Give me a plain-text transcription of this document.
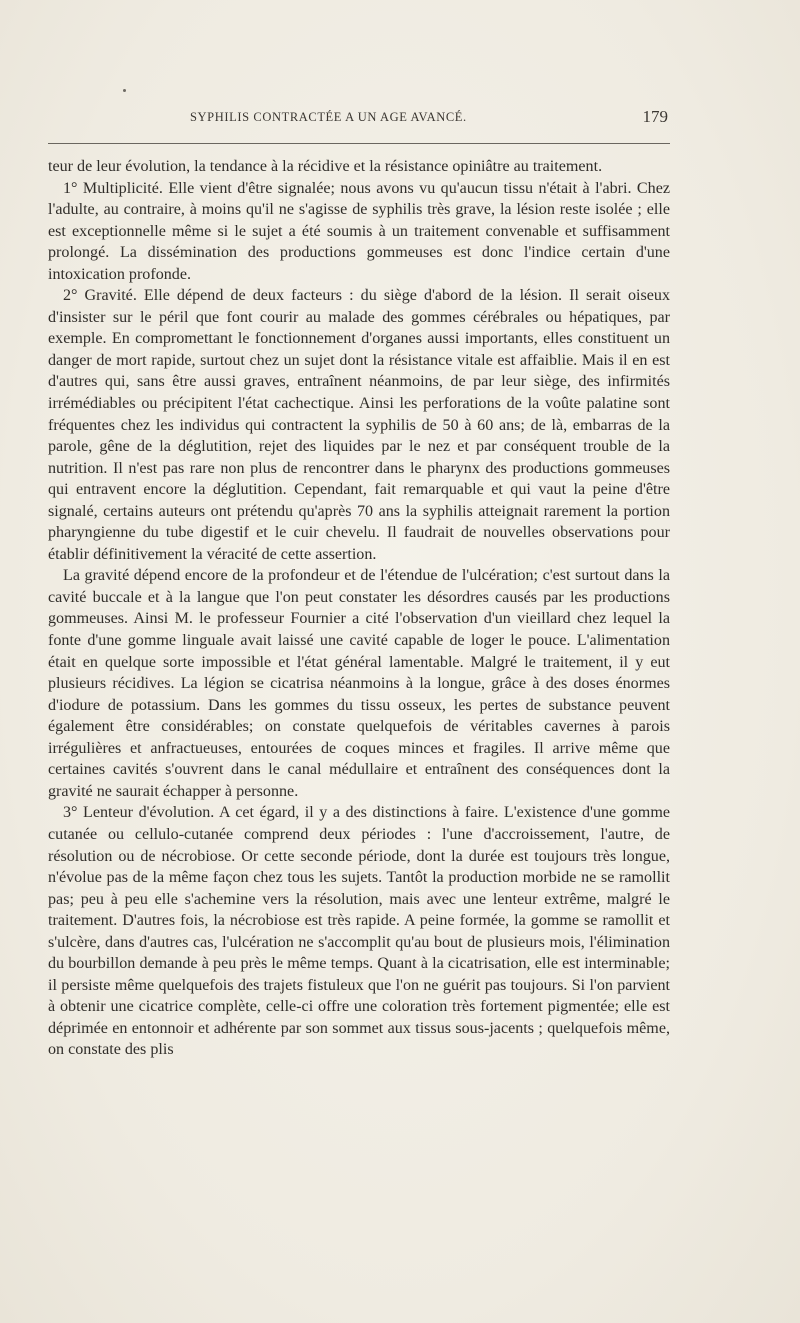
SYPHILIS CONTRACTÉE A UN AGE AVANCÉ.	179

teur de leur évolution, la tendance à la récidive et la résistance opiniâtre au traitement.

1° Multiplicité. Elle vient d'être signalée; nous avons vu qu'aucun tissu n'était à l'abri. Chez l'adulte, au contraire, à moins qu'il ne s'agisse de syphilis très grave, la lésion reste isolée ; elle est exceptionnelle même si le sujet a été soumis à un traitement convenable et suffisamment prolongé. La dissémination des productions gommeuses est donc l'indice certain d'une intoxication profonde.

2° Gravité. Elle dépend de deux facteurs : du siège d'abord de la lésion. Il serait oiseux d'insister sur le péril que font courir au malade des gommes cérébrales ou hépatiques, par exemple. En compromettant le fonctionnement d'organes aussi importants, elles constituent un danger de mort rapide, surtout chez un sujet dont la résistance vitale est affaiblie. Mais il en est d'autres qui, sans être aussi graves, entraînent néanmoins, de par leur siège, des infirmités irrémédiables ou précipitent l'état cachectique. Ainsi les perforations de la voûte palatine sont fréquentes chez les individus qui contractent la syphilis de 50 à 60 ans; de là, embarras de la parole, gêne de la déglutition, rejet des liquides par le nez et par conséquent trouble de la nutrition. Il n'est pas rare non plus de rencontrer dans le pharynx des productions gommeuses qui entravent encore la déglutition. Cependant, fait remarquable et qui vaut la peine d'être signalé, certains auteurs ont prétendu qu'après 70 ans la syphilis atteignait rarement la portion pharyngienne du tube digestif et le cuir chevelu. Il faudrait de nouvelles observations pour établir définitivement la véracité de cette assertion.

La gravité dépend encore de la profondeur et de l'étendue de l'ulcération; c'est surtout dans la cavité buccale et à la langue que l'on peut constater les désordres causés par les productions gommeuses. Ainsi M. le professeur Fournier a cité l'observation d'un vieillard chez lequel la fonte d'une gomme linguale avait laissé une cavité capable de loger le pouce. L'alimentation était en quelque sorte impossible et l'état général lamentable. Malgré le traitement, il y eut plusieurs récidives. La légion se cicatrisa néanmoins à la longue, grâce à des doses énormes d'iodure de potassium. Dans les gommes du tissu osseux, les pertes de substance peuvent également être considérables; on constate quelquefois de véritables cavernes à parois irrégulières et anfractueuses, entourées de coques minces et fragiles. Il arrive même que certaines cavités s'ouvrent dans le canal médullaire et entraînent des conséquences dont la gravité ne saurait échapper à personne.

3° Lenteur d'évolution. A cet égard, il y a des distinctions à faire. L'existence d'une gomme cutanée ou cellulo-cutanée comprend deux périodes : l'une d'accroissement, l'autre, de résolution ou de nécrobiose. Or cette seconde période, dont la durée est toujours très longue, n'évolue pas de la même façon chez tous les sujets. Tantôt la production morbide ne se ramollit pas; peu à peu elle s'achemine vers la résolution, mais avec une lenteur extrême, malgré le traitement. D'autres fois, la nécrobiose est très rapide. A peine formée, la gomme se ramollit et s'ulcère, dans d'autres cas, l'ulcération ne s'accomplit qu'au bout de plusieurs mois, l'élimination du bourbillon demande à peu près le même temps. Quant à la cicatrisation, elle est interminable; il persiste même quelquefois des trajets fistuleux que l'on ne guérit pas toujours. Si l'on parvient à obtenir une cicatrice complète, celle-ci offre une coloration très fortement pigmentée; elle est déprimée en entonnoir et adhérente par son sommet aux tissus sous-jacents ; quelquefois même, on constate des plis
